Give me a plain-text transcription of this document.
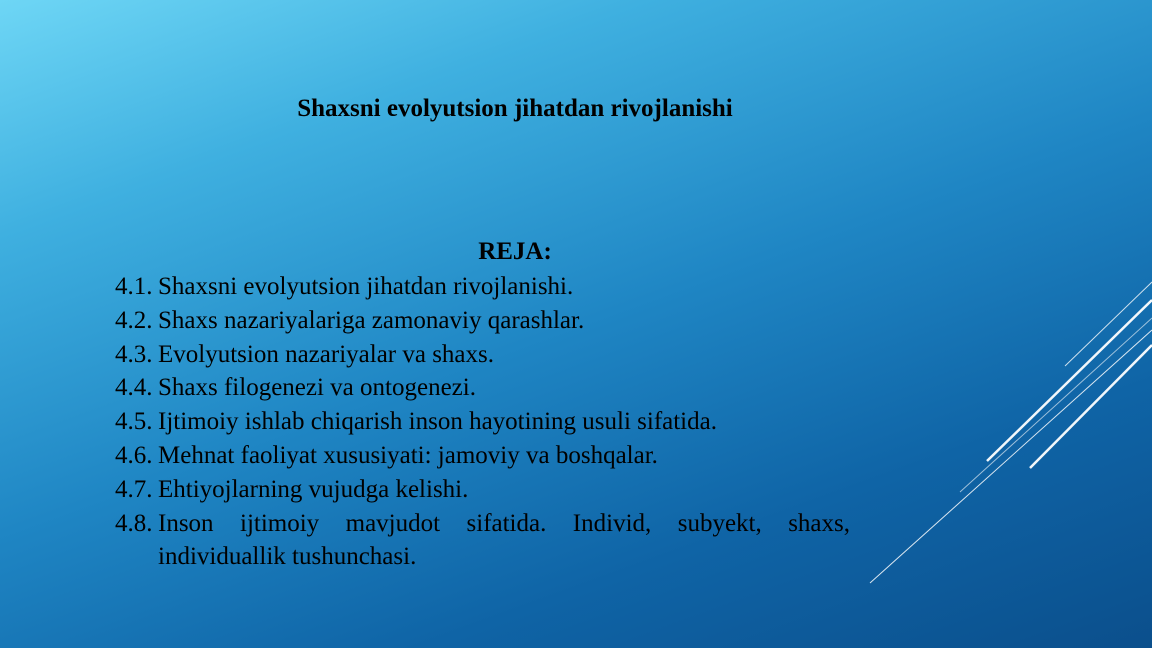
Shaxsni evolyutsion jihatdan rivojlanishi
REJA:
4.1. Shaxsni evolyutsion jihatdan rivojlanishi.
4.2. Shaxs nazariyalariga zamonaviy qarashlar.
4.3. Evolyutsion nazariyalar va shaxs.
4.4. Shaxs filogenezi va ontogenezi.
4.5. Ijtimoiy ishlab chiqarish inson hayotining usuli sifatida.
4.6. Mehnat faoliyat xususiyati: jamoviy va boshqalar.
4.7. Ehtiyojlarning vujudga kelishi.
4.8. Inson ijtimoiy mavjudot sifatida. Individ, subyekt, shaxs, individuallik tushunchasi.
